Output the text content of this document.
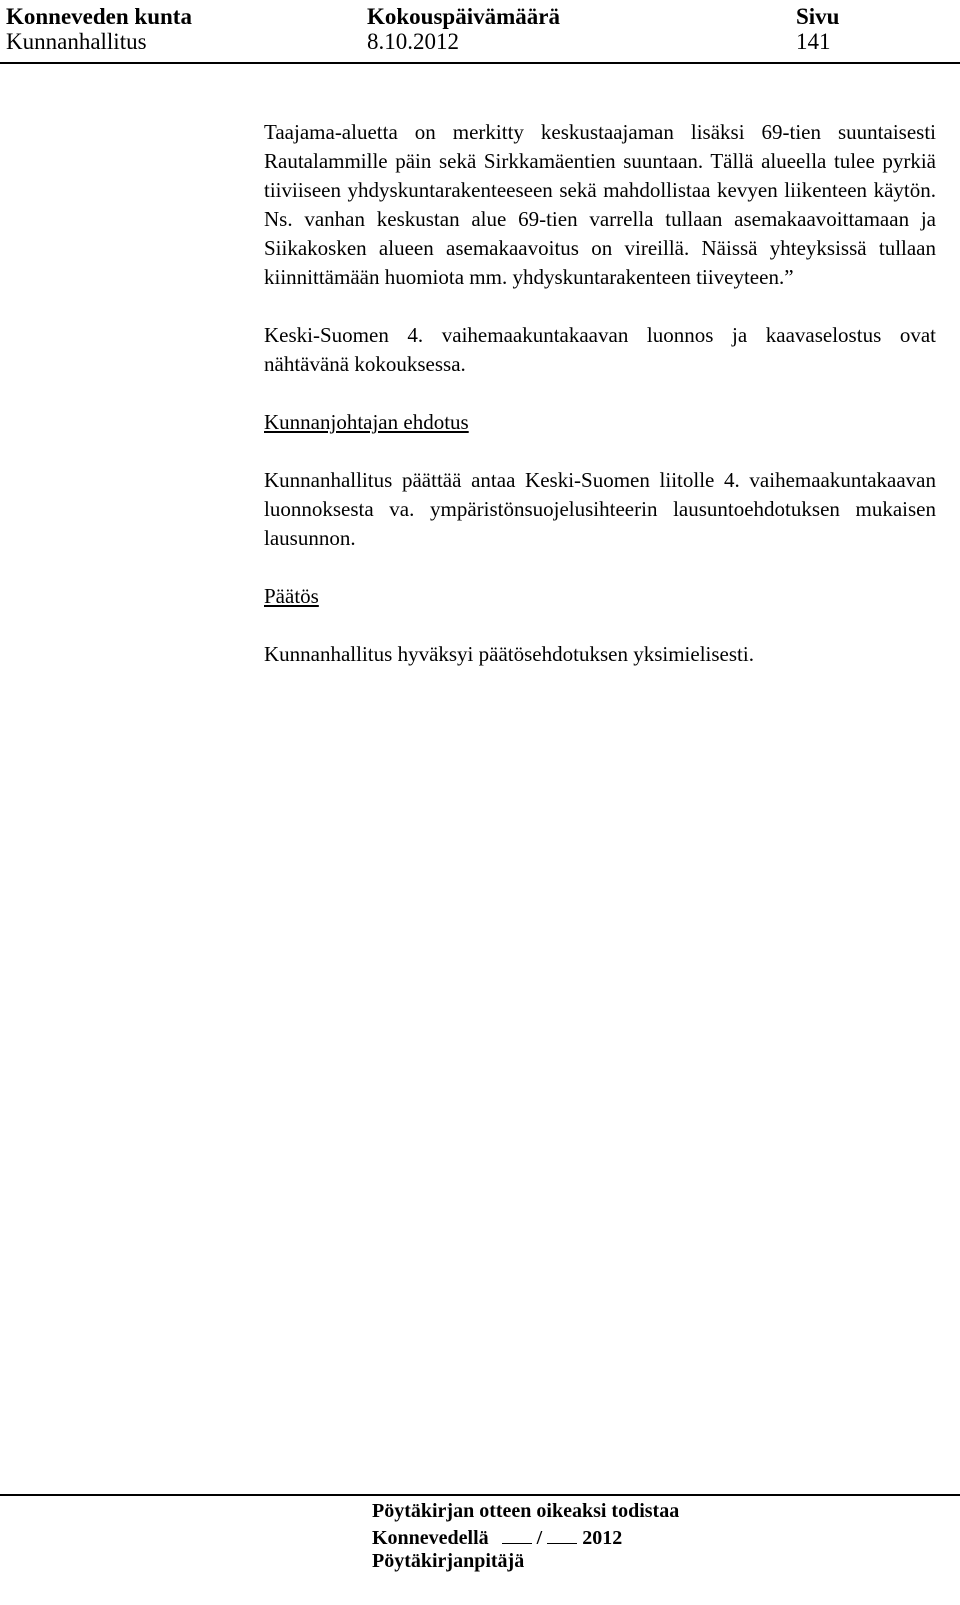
Konneveden kunta
Kunnanhallitus
Kokouspäivämäärä
8.10.2012
Sivu
141

Taajama-aluetta on merkitty keskustaajaman lisäksi 69-tien suuntaisesti Rautalammille päin sekä Sirkkamäentien suuntaan. Tällä alueella tulee pyrkiä tiiviiseen yhdyskuntarakenteeseen sekä mahdollistaa kevyen liikenteen käytön. Ns. vanhan keskustan alue 69-tien varrella tullaan asemakaavoittamaan ja Siikakosken alueen asemakaavoitus on vireillä. Näissä yhteyksissä tullaan kiinnittämään huomiota mm. yhdyskuntarakenteen tiiveyteen.”

Keski-Suomen 4. vaihemaakuntakaavan luonnos ja kaavaselostus ovat nähtävänä kokouksessa.

Kunnanjohtajan ehdotus

Kunnanhallitus päättää antaa Keski-Suomen liitolle 4. vaihemaakuntakaavan luonnoksesta va. ympäristönsuojelusihteerin lausuntoehdotuksen mukaisen lausunnon.

Päätös

Kunnanhallitus hyväksyi päätösehdotuksen yksimielisesti.

Pöytäkirjan otteen oikeaksi todistaa
Konnevedellä / 2012
Pöytäkirjanpitäjä
